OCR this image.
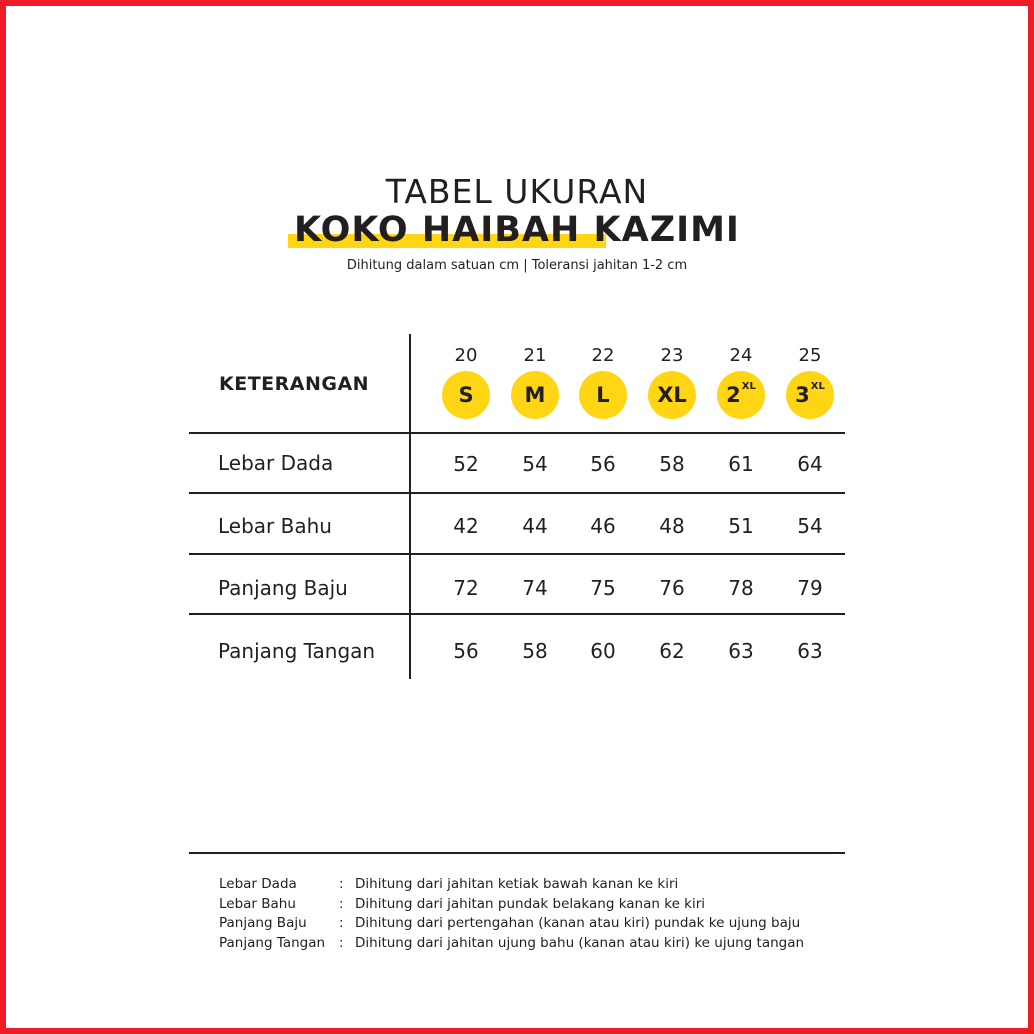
TABEL UKURAN
KOKO HAIBAH KAZIMI
Dihitung dalam satuan cm | Toleransi jahitan 1-2 cm
KETERANGAN
20	21	22	23	24	25
S M L XL $2^{XL}$ $3^{XL}$
Lebar Dada	52	54	56	58	61	64
Lebar Bahu	42	44	46	48	51	54
Panjang Baju	72	74	75	76	78	79
Panjang Tangan	56	58	60	62	63	63
Lebar Dada	: Dihitung dari jahitan ketiak bawah kanan ke kiri
Lebar Bahu	: Dihitung dari jahitan pundak belakang kanan ke kiri
Panjang Baju	: Dihitung dari pertengahan (kanan atau kiri) pundak ke ujung baju
Panjang Tangan	: Dihitung dari jahitan ujung bahu (kanan atau kiri) ke ujung tangan
